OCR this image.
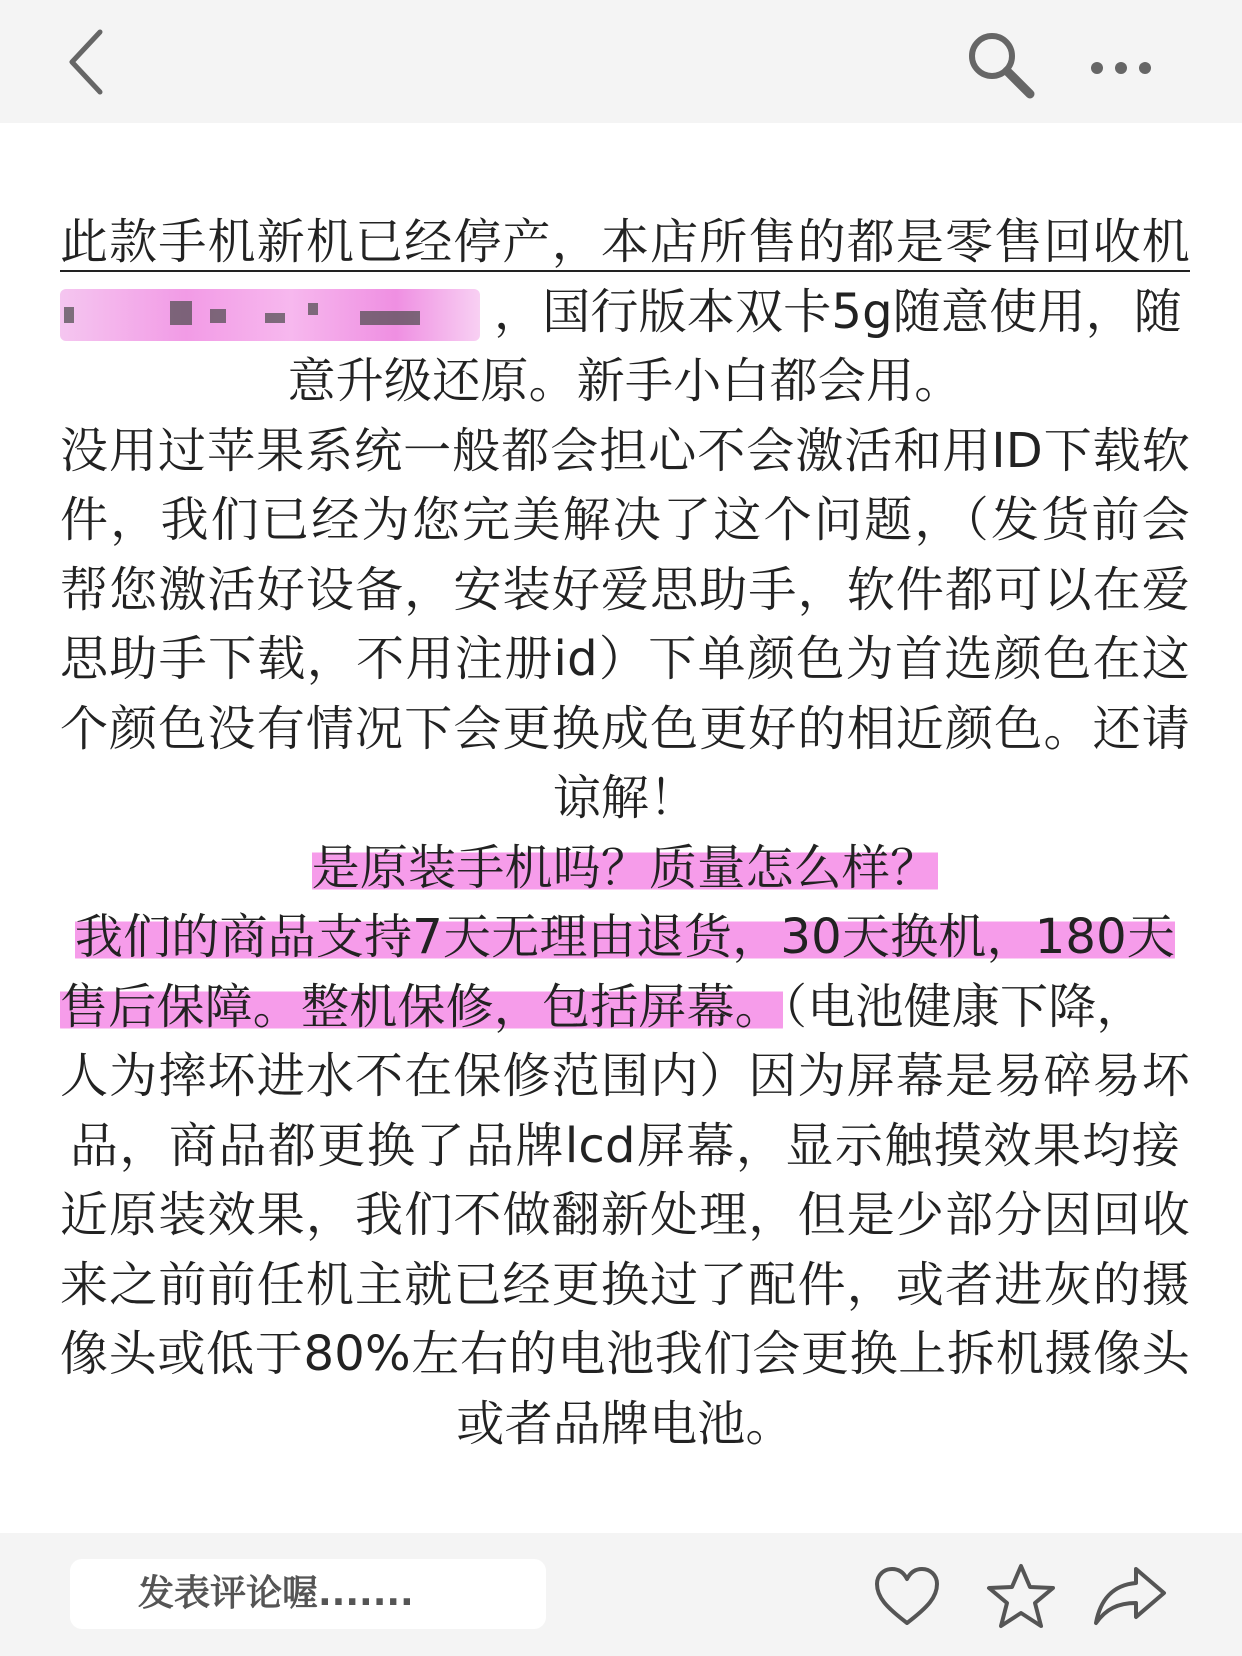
此款手机新机已经停产，本店所售的都是零售回收机
，国行版本双卡5g随意使用，随
意升级还原。新手小白都会用。
没用过苹果系统一般都会担心不会激活和用ID下载软
件，我们已经为您完美解决了这个问题，（发货前会
帮您激活好设备，安装好爱思助手，软件都可以在爱
思助手下载，不用注册id）下单颜色为首选颜色在这
个颜色没有情况下会更换成色更好的相近颜色。还请
谅解！
是原装手机吗？质量怎么样？
我们的商品支持7天无理由退货，30天换机，180天
售后保障。整机保修，包括屏幕。（电池健康下降，
人为摔坏进水不在保修范围内）因为屏幕是易碎易坏
品，商品都更换了品牌lcd屏幕，显示触摸效果均接
近原装效果，我们不做翻新处理，但是少部分因回收
来之前前任机主就已经更换过了配件，或者进灰的摄
像头或低于80%左右的电池我们会更换上拆机摄像头
或者品牌电池。
发表评论喔.......
